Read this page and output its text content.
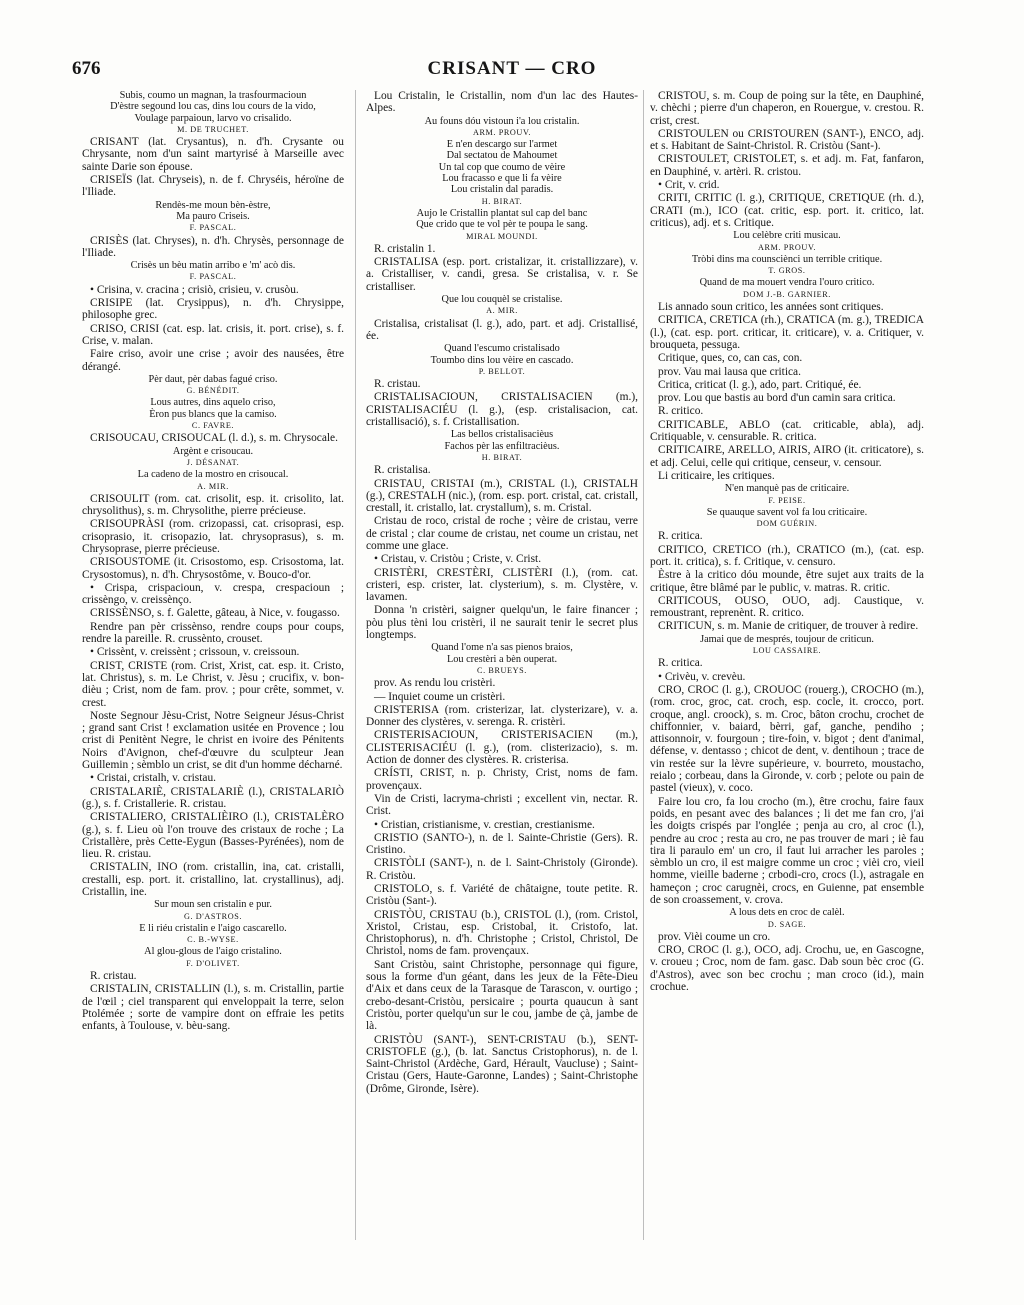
676	CRISANT — CRO
Subis, coumo un magnan, la trasfourmacioun
D'èstre segound lou cas, dins lou cours de la vido,
Voulage parpaioun, larvo vo crisalido.
M. DE TRUCHET.

CRISANT (lat. Crysantus), n. d'h. Crysante ou Chrysante, nom d'un saint martyrisé à Marseille avec sainte Darie son épouse.

CRISEÏS (lat. Chryseis), n. de f. Chryséis, héroïne de l'Iliade.

Rendès-me moun bèn-èstre,
Ma pauro Criseis.
F. PASCAL.

CRISÈS (lat. Chryses), n. d'h. Chrysès, personnage de l'Iliade.

Crisès un bèu matin arribo e 'm' acò dis.
F. PASCAL.

• Crisina, v. cracina ; crisiò, crisieu, v. crusòu.

CRISIPE (lat. Crysippus), n. d'h. Chrysippe, philosophe grec.

CRISO, CRISI (cat. esp. lat. crisis, it. port. crise), s. f. Crise, v. malan.

Faire criso, avoir une crise ; avoir des nausées, être dérangé.

Pèr daut, pèr dabas fagué criso.
G. BÉNÉDIT.
Lous autres, dins aquelo criso,
Èron pus blancs que la camiso.
C. FAVRE.

CRISOUCAU, CRISOUCAL (l. d.), s. m. Chrysocale.

Argènt e crisoucau.
J. DÉSANAT.
La cadeno de la mostro en crisoucal.
A. MIR.

CRISOULIT (rom. cat. crisolit, esp. it. crisolito, lat. chrysolithus), s. m. Chrysolithe, pierre précieuse.

CRISOUPRÀSI (rom. crizopassi, cat. crisoprasi, esp. crisoprasio, it. crisopazio, lat. chrysoprasus), s. m. Chrysoprase, pierre précieuse.

CRISOUSTOME (it. Crisostomo, esp. Crisostoma, lat. Crysostomus), n. d'h. Chrysostôme, v. Bouco-d'or.

• Crispa, crispacioun, v. crespa, crespacioun ; crissèngo, v. creissènço.

CRISSÈNSO, s. f. Galette, gâteau, à Nice, v. fougasso.

Rendre pan pèr crissènso, rendre coups pour coups, rendre la pareille. R. crussènto, crouset.

• Crissènt, v. creissènt ; crissoun, v. creissoun.

CRIST, CRISTE (rom. Crist, Xrist, cat. esp. it. Cristo, lat. Christus), s. m. Le Christ, v. Jèsu ; crucifix, v. bon-dièu ; Crist, nom de fam. prov. ; pour crête, sommet, v. crest.

Noste Segnour Jèsu-Crist, Notre Seigneur Jésus-Christ ; grand sant Crist ! exclamation usitée en Provence ; lou crist di Penitènt Negre, le christ en ivoire des Pénitents Noirs d'Avignon, chef-d'œuvre du sculpteur Jean Guillemin ; sèmblo un crist, se dit d'un homme décharné.

• Cristai, cristalh, v. cristau.

CRISTALARIÈ, CRISTALARIÈ (l.), CRISTALARIÒ (g.), s. f. Cristallerie. R. cristau.

CRISTALIERO, CRISTALIÈIRO (l.), CRISTALÈRO (g.), s. f. Lieu où l'on trouve des cristaux de roche ; La Cristallère, près Cette-Eygun (Basses-Pyrénées), nom de lieu. R. cristau.

CRISTALIN, INO (rom. cristallin, ina, cat. cristalli, crestalli, esp. port. it. cristallino, lat. crystallinus), adj. Cristallin, ine.

Sur moun sen cristalin e pur.
G. D'ASTROS.
E li riéu cristalin e l'aigo cascarello.
C. B.-WYSE.
Al glou-glous de l'aigo cristalino.
F. D'OLIVET.

R. cristau.

CRISTALIN, CRISTALLIN (l.), s. m. Cristallin, partie de l'œil ; ciel transparent qui enveloppait la terre, selon Ptolémée ; sorte de vampire dont on effraie les petits enfants, à Toulouse, v. bèu-sang.

Lou Cristalin, le Cristallin, nom d'un lac des Hautes-Alpes.

Au founs dóu vistoun i'a lou cristalin.
ARM. PROUV.
E n'en descargo sur l'armet
Dal sectatou de Mahoumet
Un tal cop que coumo de vèire
Lou fracasso e que li fa vèire
Lou cristalin dal paradis.
H. BIRAT.
Aujo le Cristallin plantat sul cap del banc
Que crido que te vol pèr te poupa le sang.
MIRAL MOUNDI.

R. cristalin 1.

CRISTALISA (esp. port. cristalizar, it. cristallizzare), v. a. Cristalliser, v. candi, gresa. Se cristalisa, v. r. Se cristalliser.

Que lou couquèl se cristalise.
A. MIR.

Cristalisa, cristalisat (l. g.), ado, part. et adj. Cristallisé, ée.

Quand l'escumo cristalisado
Toumbo dins lou vèire en cascado.
P. BELLOT.

R. cristau.

CRISTALISACIOUN, CRISTALISACIEN (m.), CRISTALISACIÉU (l. g.), (esp. cristalisacion, cat. cristallisació), s. f. Cristallisation.

Las bellos cristalisacièus
Fachos pèr las enfiltracièus.
H. BIRAT.

R. cristalisa.

CRISTAU, CRISTAI (m.), CRISTAL (l.), CRISTALH (g.), CRESTALH (nic.), (rom. esp. port. cristal, cat. cristall, crestall, it. cristallo, lat. crystallum), s. m. Cristal.

Cristau de roco, cristal de roche ; vèire de cristau, verre de cristal ; clar coume de cristau, net coume un cristau, net comme une glace.

• Cristau, v. Cristòu ; Criste, v. Crist.

CRISTÈRI, CRESTÈRI, CLISTÈRI (l.), (rom. cat. cristeri, esp. crister, lat. clysterium), s. m. Clystère, v. lavamen.

Donna 'n cristèri, saigner quelqu'un, le faire financer ; pòu plus tèni lou cristèri, il ne saurait tenir le secret plus longtemps.

Quand l'ome n'a sas pienos braios,
Lou crestèri a bèn ouperat.
C. BRUEYS.

prov. As rendu lou cristèri.

— Inquiet coume un cristèri.

CRISTERISA (rom. cristerizar, lat. clysterizare), v. a. Donner des clystères, v. serenga. R. cristèri.

CRISTERISACIOUN, CRISTERISACIEN (m.), CLISTERISACIÉU (l. g.), (rom. clisterizacio), s. m. Action de donner des clystères. R. cristerisa.

CRÍSTI, CRIST, n. p. Christy, Crist, noms de fam. provençaux.

Vin de Cristi, lacryma-christi ; excellent vin, nectar. R. Crist.

• Cristian, cristianisme, v. crestian, crestianisme.

CRISTIO (SANTO-), n. de l. Sainte-Christie (Gers). R. Cristino.

CRISTÒLI (SANT-), n. de l. Saint-Christoly (Gironde). R. Cristòu.

CRISTOLO, s. f. Variété de châtaigne, toute petite. R. Cristòu (Sant-).

CRISTÒU, CRISTAU (b.), CRISTOL (l.), (rom. Cristol, Xristol, Cristau, esp. Cristobal, it. Cristofo, lat. Christophorus), n. d'h. Christophe ; Cristol, Christol, De Christol, noms de fam. provençaux.

Sant Cristòu, saint Christophe, personnage qui figure, sous la forme d'un géant, dans les jeux de la Fête-Dieu d'Aix et dans ceux de la Tarasque de Tarascon, v. ourtigo ; crebo-desant-Cristòu, persicaire ; pourta quaucun à sant Cristòu, porter quelqu'un sur le cou, jambe de çà, jambe de là.

CRISTÒU (SANT-), SENT-CRISTAU (b.), SENT-CRISTOFLE (g.), (b. lat. Sanctus Cristophorus), n. de l. Saint-Christol (Ardèche, Gard, Hérault, Vaucluse) ; Saint-Cristau (Gers, Haute-Garonne, Landes) ; Saint-Christophe (Drôme, Gironde, Isère).

CRISTOU, s. m. Coup de poing sur la tête, en Dauphiné, v. chèchi ; pierre d'un chaperon, en Rouergue, v. crestou. R. crist, crest.

CRISTOULEN ou CRISTOUREN (SANT-), ENCO, adj. et s. Habitant de Saint-Christol. R. Cristòu (Sant-).

CRISTOULET, CRISTOLET, s. et adj. m. Fat, fanfaron, en Dauphiné, v. artèri. R. cristou.

• Crit, v. crid.

CRITI, CRITIC (l. g.), CRITIQUE, CRETIQUE (rh. d.), CRATI (m.), ICO (cat. critic, esp. port. it. critico, lat. criticus), adj. et s. Critique.

Lou celèbre criti musicau.
ARM. PROUV.
Tròbi dins ma counsciènci un terrible critique.
T. GROS.
Quand de ma mouert vendra l'ouro critico.
DOM J.-B. GARNIER.

Lis annado soun critico, les années sont critiques.

CRITICA, CRETICA (rh.), CRATICA (m. g.), TREDICA (l.), (cat. esp. port. criticar, it. criticare), v. a. Critiquer, v. brouqueta, pessuga.

Critique, ques, co, can cas, con.

prov. Vau mai lausa que critica.

Critica, criticat (l. g.), ado, part. Critiqué, ée.

prov. Lou que bastis au bord d'un camin sara critica.

R. critico.

CRITICABLE, ABLO (cat. criticable, abla), adj. Critiquable, v. censurable. R. critica.

CRITICAIRE, ARELLO, AIRIS, AIRO (it. criticatore), s. et adj. Celui, celle qui critique, censeur, v. censour.

Li criticaire, les critiques.

N'en manquè pas de criticaire.
F. PEISE.
Se quauque savent vol fa lou criticaire.
DOM GUÉRIN.

R. critica.

CRITICO, CRETICO (rh.), CRATICO (m.), (cat. esp. port. it. critica), s. f. Critique, v. censuro.

Èstre à la critico dóu mounde, être sujet aux traits de la critique, être blâmé par le public, v. matras. R. critic.

CRITICOUS, OUSO, OUO, adj. Caustique, v. remoustrant, reprenènt. R. critico.

CRITICUN, s. m. Manie de critiquer, de trouver à redire.

Jamai que de mesprés, toujour de criticun.
LOU CASSAIRE.

R. critica.

• Crivèu, v. crevèu.

CRO, CROC (l. g.), CROUOC (rouerg.), CROCHO (m.), (rom. croc, groc, cat. croch, esp. cocle, it. crocco, port. croque, angl. croock), s. m. Croc, bâton crochu, crochet de chiffonnier, v. baiard, bèrri, gaf, ganche, pendiho ; attisonnoir, v. fourgoun ; tire-foin, v. bigot ; dent d'animal, défense, v. dentasso ; chicot de dent, v. dentihoun ; trace de vin restée sur la lèvre supérieure, v. bourreto, moustacho, reialo ; corbeau, dans la Gironde, v. corb ; pelote ou pain de pastel (vieux), v. coco.

Faire lou cro, fa lou crocho (m.), être crochu, faire faux poids, en pesant avec des balances ; li det me fan cro, j'ai les doigts crispés par l'onglée ; penja au cro, al croc (l.), pendre au croc ; resta au cro, ne pas trouver de mari ; iè fau tira li paraulo em' un cro, il faut lui arracher les paroles ; sèmblo un cro, il est maigre comme un croc ; vièi cro, vieil homme, vieille baderne ; crbodi-cro, crocs (l.), astragale en hameçon ; croc carugnèi, crocs, en Guienne, pat ensemble de son croassement, v. crova.

A lous dets en croc de calèl.
D. SAGE.

prov. Vièi coume un cro.

CRO, CROC (l. g.), OCO, adj. Crochu, ue, en Gascogne, v. croueu ; Croc, nom de fam. gasc. Dab soun bèc croc (G. d'Astros), avec son bec crochu ; man croco (id.), main crochue.
